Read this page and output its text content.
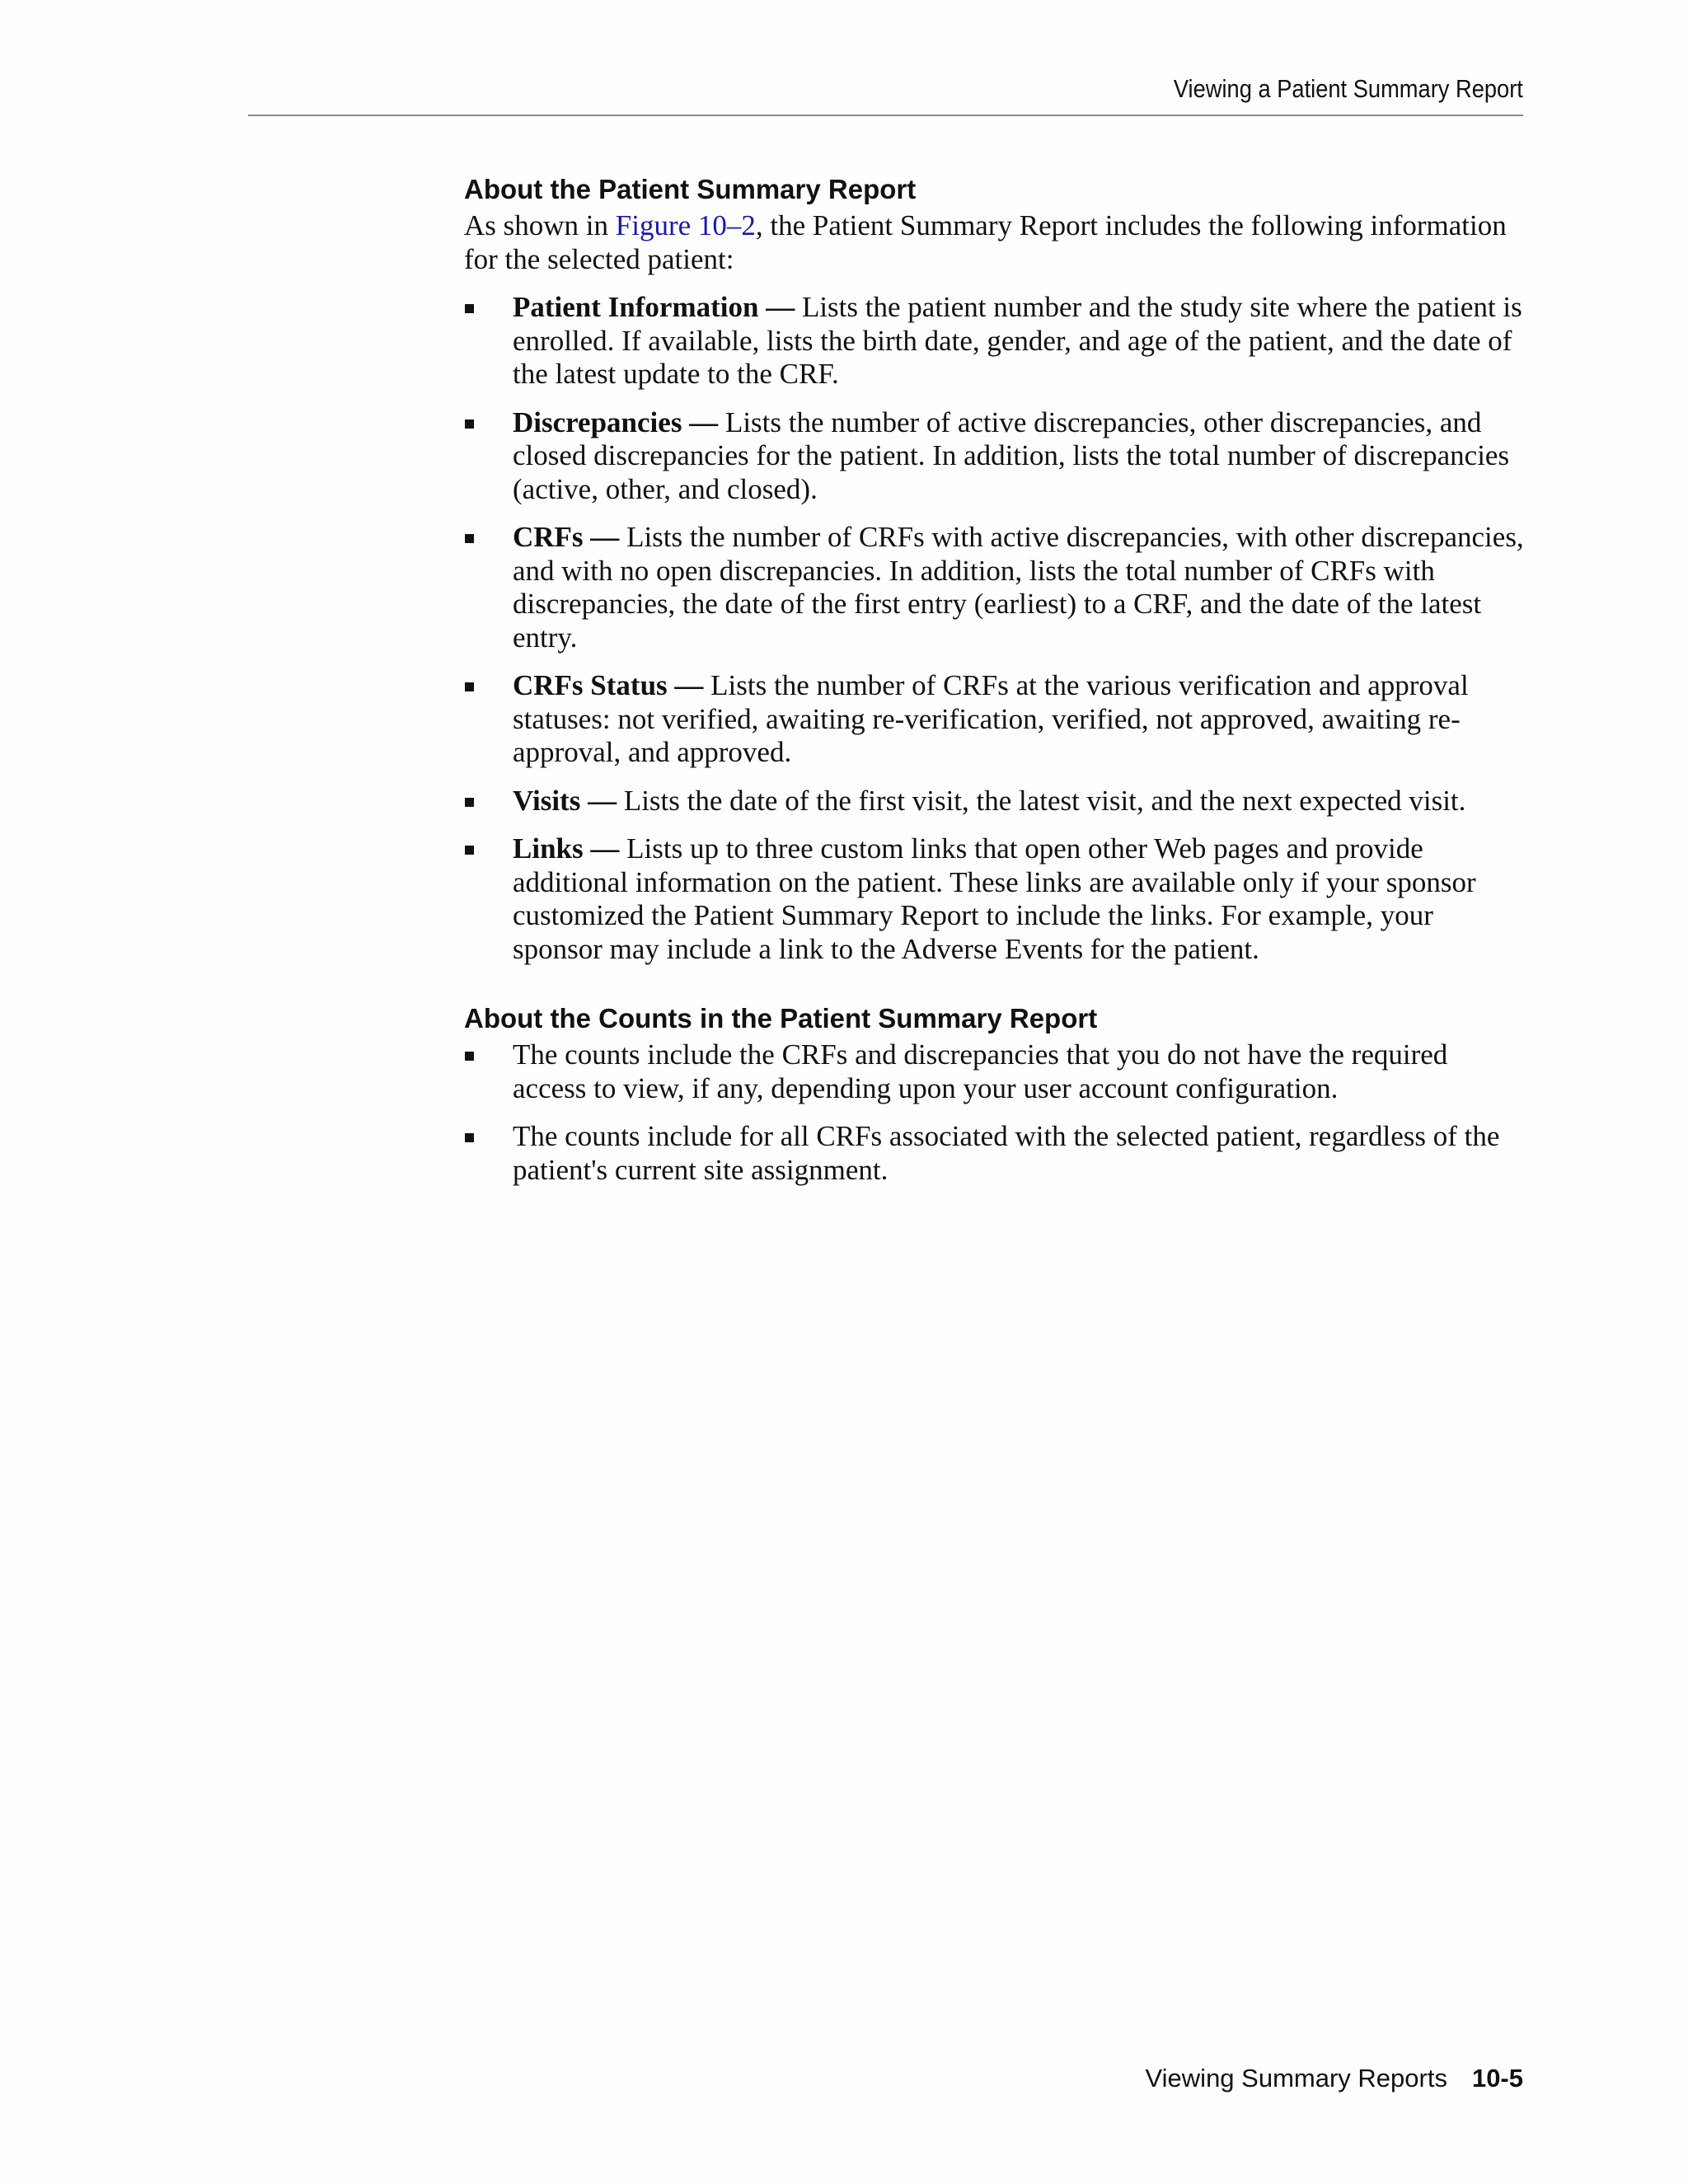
Viewing a Patient Summary Report
About the Patient Summary Report

As shown in Figure 10–2, the Patient Summary Report includes the following information for the selected patient:

Patient Information — Lists the patient number and the study site where the patient is enrolled. If available, lists the birth date, gender, and age of the patient, and the date of the latest update to the CRF.
Discrepancies — Lists the number of active discrepancies, other discrepancies, and closed discrepancies for the patient. In addition, lists the total number of discrepancies (active, other, and closed).
CRFs — Lists the number of CRFs with active discrepancies, with other discrepancies, and with no open discrepancies. In addition, lists the total number of CRFs with discrepancies, the date of the first entry (earliest) to a CRF, and the date of the latest entry.
CRFs Status — Lists the number of CRFs at the various verification and approval statuses: not verified, awaiting re-verification, verified, not approved, awaiting re-approval, and approved.
Visits — Lists the date of the first visit, the latest visit, and the next expected visit.
Links — Lists up to three custom links that open other Web pages and provide additional information on the patient. These links are available only if your sponsor customized the Patient Summary Report to include the links. For example, your sponsor may include a link to the Adverse Events for the patient.
About the Counts in the Patient Summary Report
The counts include the CRFs and discrepancies that you do not have the required access to view, if any, depending upon your user account configuration.
The counts include for all CRFs associated with the selected patient, regardless of the patient's current site assignment.
Viewing Summary Reports 10-5
